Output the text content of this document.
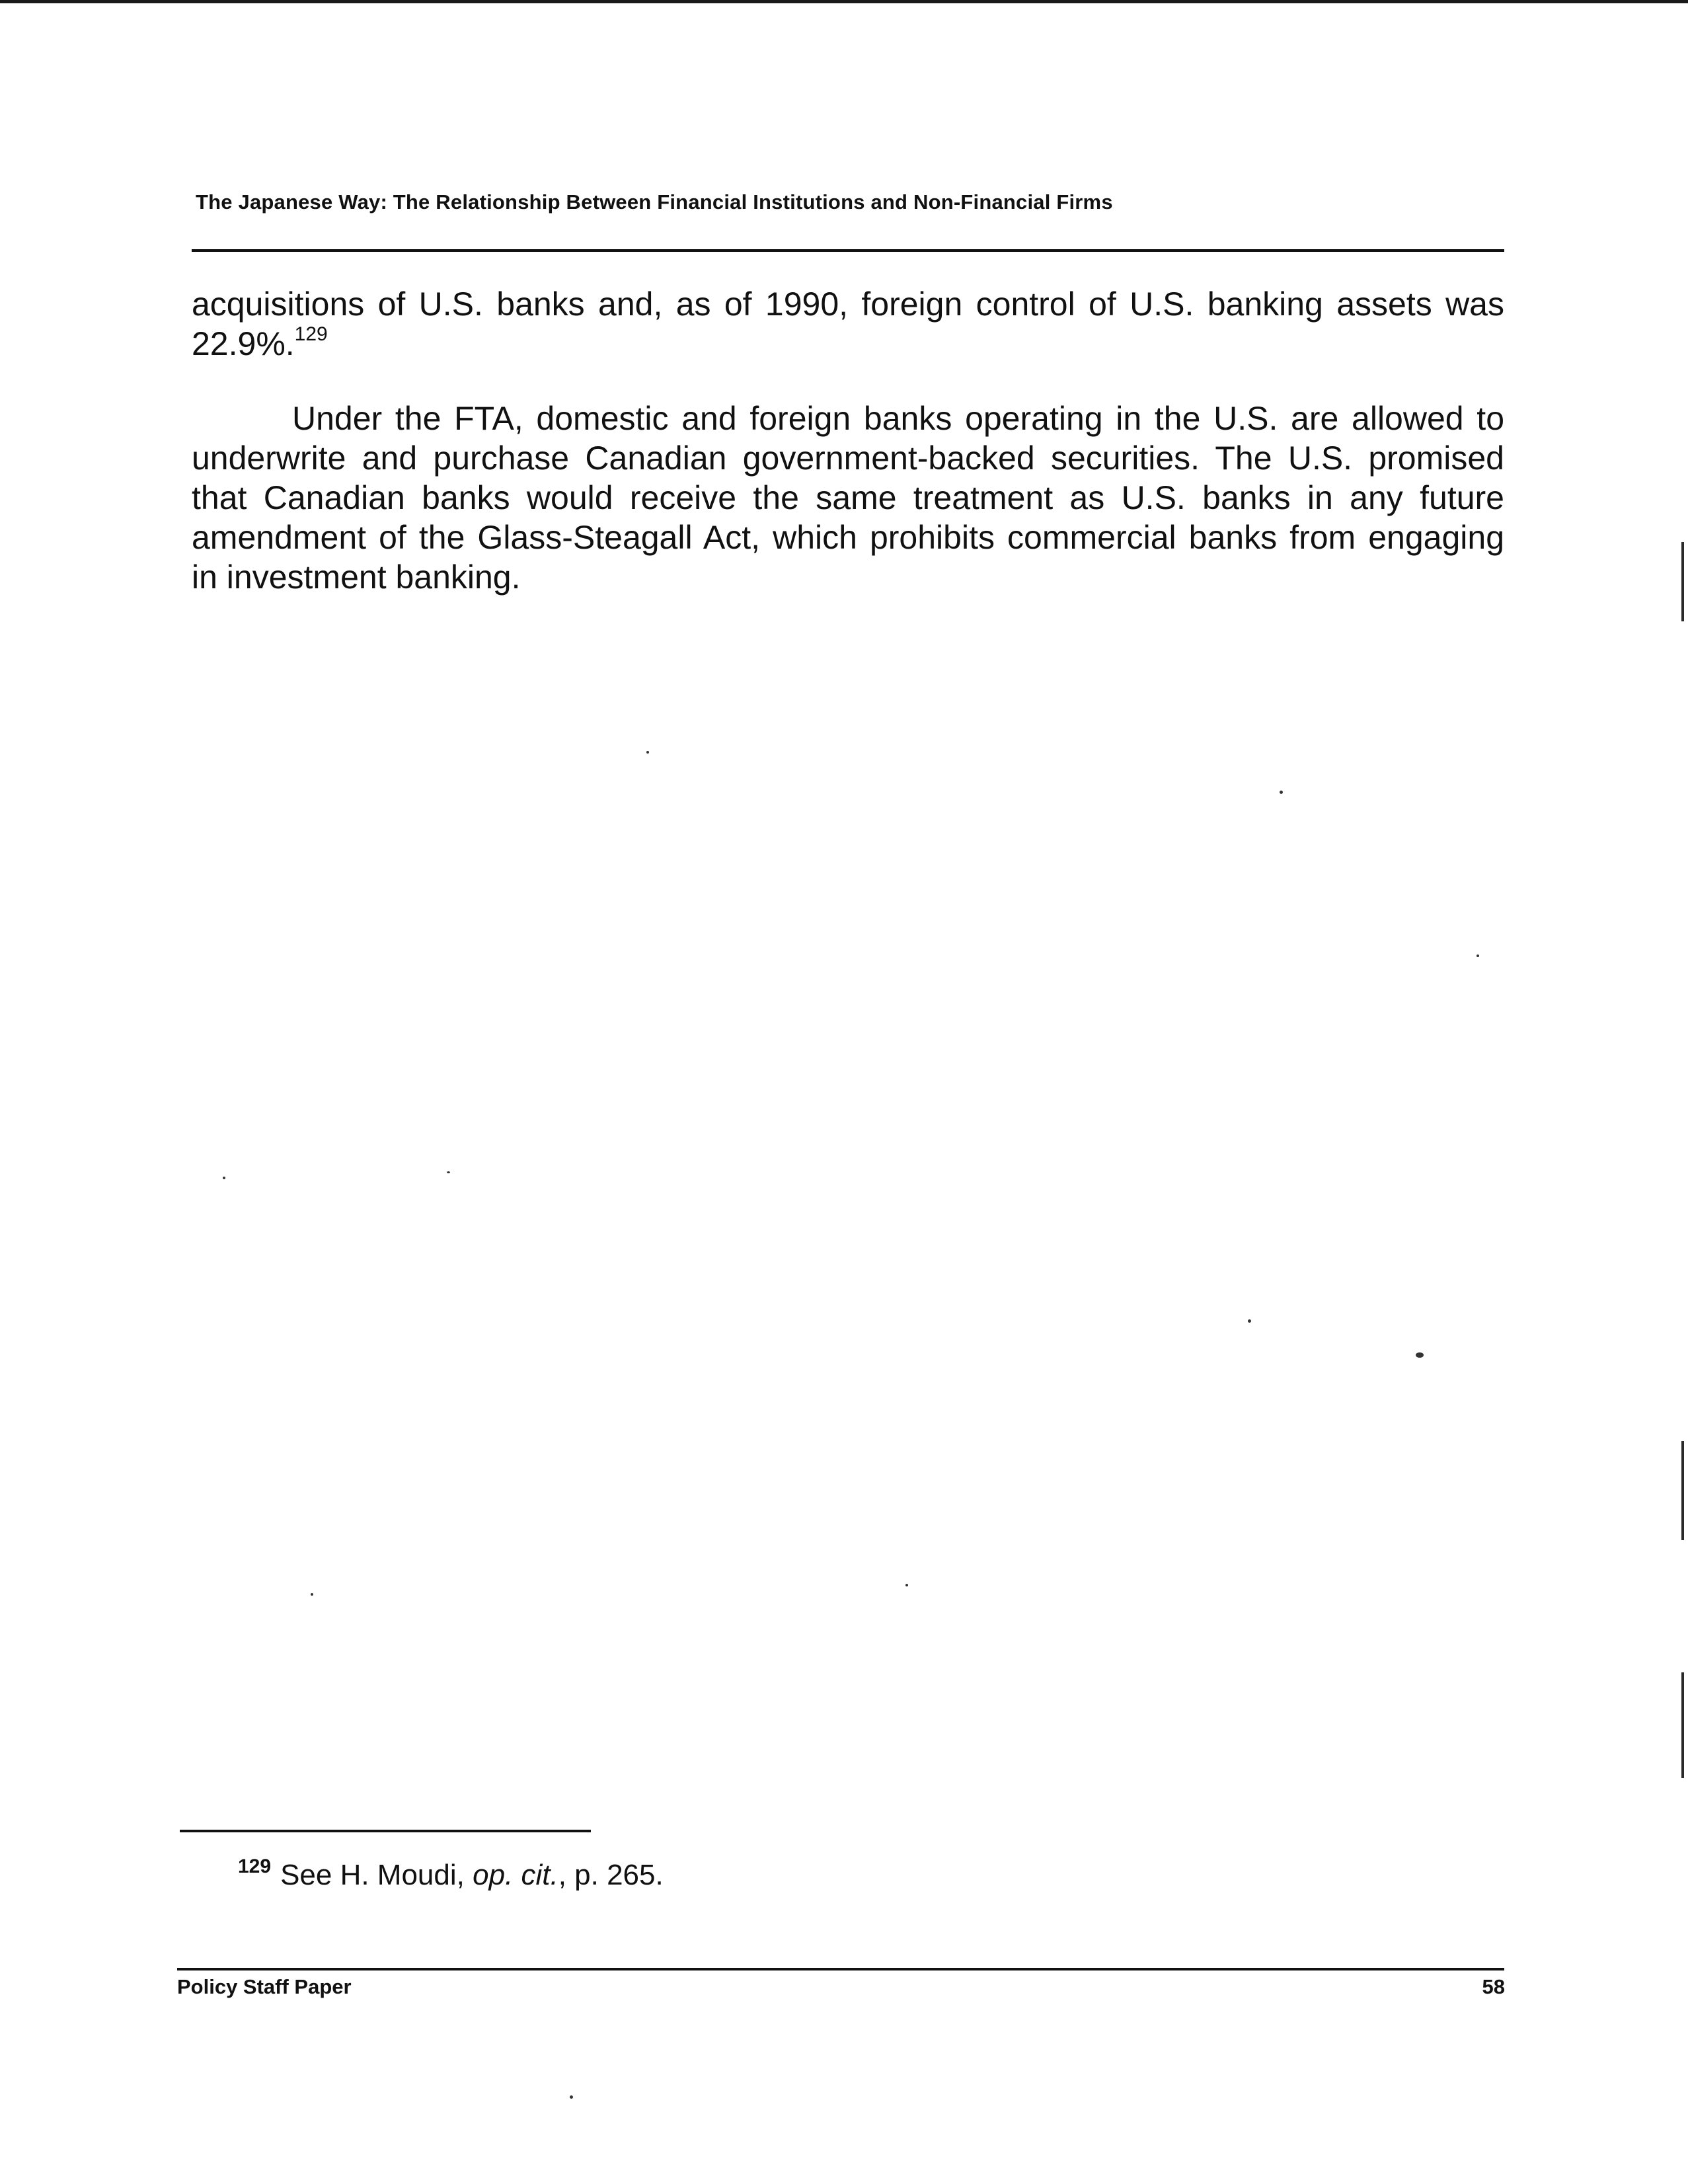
The Japanese Way: The Relationship Between Financial Institutions and Non-Financial Firms

acquisitions of U.S. banks and, as of 1990, foreign control of U.S. banking assets was 22.9%.$^{129}$

Under the FTA, domestic and foreign banks operating in the U.S. are allowed to underwrite and purchase Canadian government-backed securities. The U.S. promised that Canadian banks would receive the same treatment as U.S. banks in any future amendment of the Glass-Steagall Act, which prohibits commercial banks from engaging in investment banking.

$^{129}$ See H. Moudi, op. cit., p. 265.
Policy Staff Paper	58
